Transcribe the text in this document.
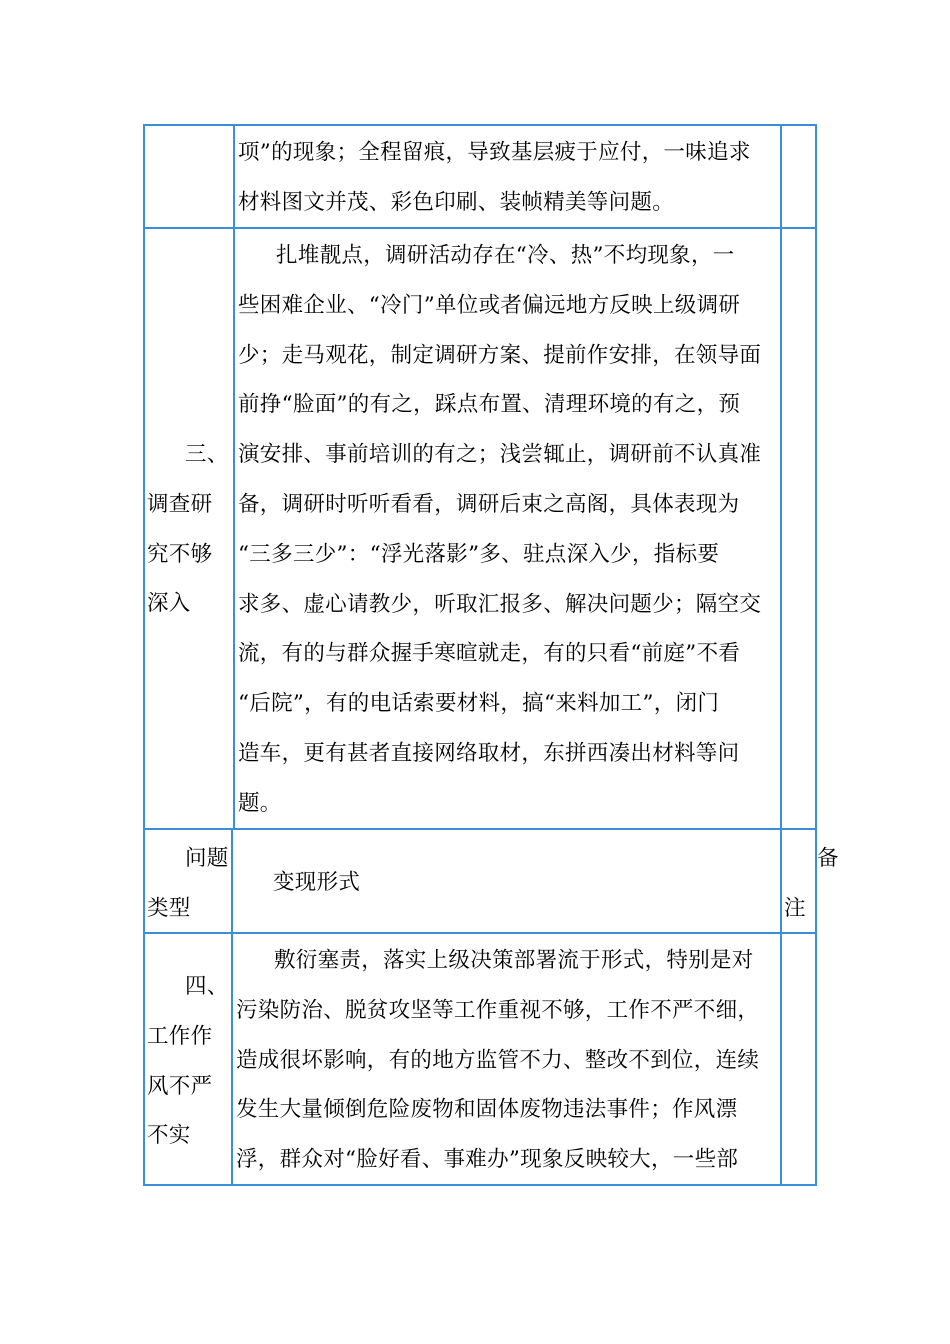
项”的现象；全程留痕，导致基层疲于应付，一味追求
材料图文并茂、彩色印刷、装帧精美等问题。
三、
调查研
究不够
深入
扎堆靓点，调研活动存在“冷、热”不均现象，一
些困难企业、“冷门”单位或者偏远地方反映上级调研
少；走马观花，制定调研方案、提前作安排，在领导面
前挣“脸面”的有之，踩点布置、清理环境的有之，预
演安排、事前培训的有之；浅尝辄止，调研前不认真准
备，调研时听听看看，调研后束之高阁，具体表现为
“三多三少”：“浮光落影”多、驻点深入少，指标要
求多、虚心请教少，听取汇报多、解决问题少；隔空交
流，有的与群众握手寒暄就走，有的只看“前庭”不看
“后院”，有的电话索要材料，搞“来料加工”，闭门
造车，更有甚者直接网络取材，东拼西凑出材料等问
题。
问题
类型
变现形式
备
注
四、
工作作
风不严
不实
敷衍塞责，落实上级决策部署流于形式，特别是对
污染防治、脱贫攻坚等工作重视不够，工作不严不细，
造成很坏影响，有的地方监管不力、整改不到位，连续
发生大量倾倒危险废物和固体废物违法事件；作风漂
浮，群众对“脸好看、事难办”现象反映较大，一些部
